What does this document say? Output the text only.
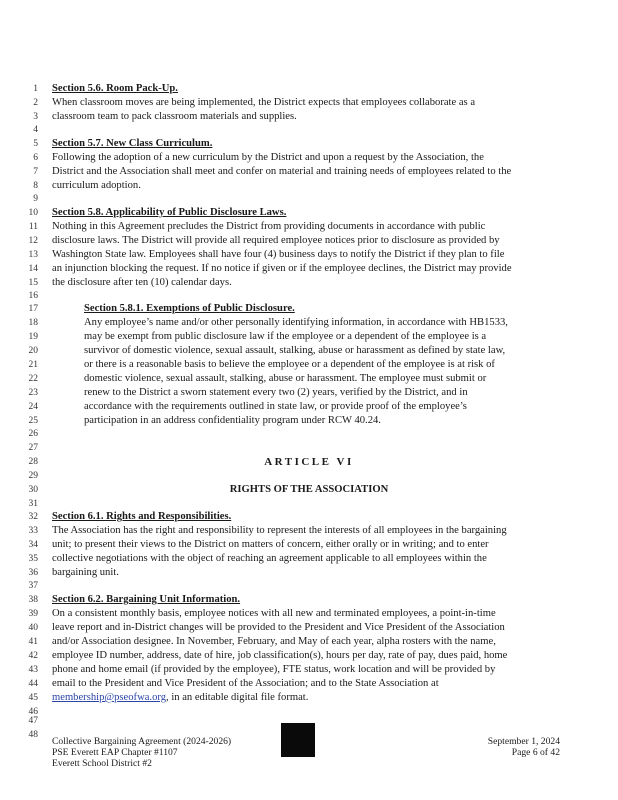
1
2
3
4
5
6
7
8
9
10
11
12
13
14
15
16
17
18
19
20
21
22
23
24
25
26
27
28
29
30
31
32
33
34
35
36
37
38
39
40
41
42
43
44
45
46
47
48
Section 5.6. Room Pack-Up.
When classroom moves are being implemented, the District expects that employees collaborate as a
classroom team to pack classroom materials and supplies.
Section 5.7. New Class Curriculum.
Following the adoption of a new curriculum by the District and upon a request by the Association, the
District and the Association shall meet and confer on material and training needs of employees related to the
curriculum adoption.
Section 5.8. Applicability of Public Disclosure Laws.
Nothing in this Agreement precludes the District from providing documents in accordance with public
disclosure laws. The District will provide all required employee notices prior to disclosure as provided by
Washington State law. Employees shall have four (4) business days to notify the District if they plan to file
an injunction blocking the request. If no notice if given or if the employee declines, the District may provide
the disclosure after ten (10) calendar days.
Section 5.8.1. Exemptions of Public Disclosure.
Any employee’s name and/or other personally identifying information, in accordance with HB1533,
may be exempt from public disclosure law if the employee or a dependent of the employee is a
survivor of domestic violence, sexual assault, stalking, abuse or harassment as defined by state law,
or there is a reasonable basis to believe the employee or a dependent of the employee is at risk of
domestic violence, sexual assault, stalking, abuse or harassment. The employee must submit or
renew to the District a sworn statement every two (2) years, verified by the District, and in
accordance with the requirements outlined in state law, or provide proof of the employee’s
participation in an address confidentiality program under RCW 40.24.
ARTICLE VI
RIGHTS OF THE ASSOCIATION
Section 6.1. Rights and Responsibilities.
The Association has the right and responsibility to represent the interests of all employees in the bargaining
unit; to present their views to the District on matters of concern, either orally or in writing; and to enter
collective negotiations with the object of reaching an agreement applicable to all employees within the
bargaining unit.
Section 6.2. Bargaining Unit Information.
On a consistent monthly basis, employee notices with all new and terminated employees, a point-in-time
leave report and in-District changes will be provided to the President and Vice President of the Association
and/or Association designee. In November, February, and May of each year, alpha rosters with the name,
employee ID number, address, date of hire, job classification(s), hours per day, rate of pay, dues paid, home
phone and home email (if provided by the employee), FTE status, work location and will be provided by
email to the President and Vice President of the Association; and to the State Association at
membership@pseofwa.org, in an editable digital file format.
Collective Bargaining Agreement (2024-2026)
PSE Everett EAP Chapter #1107
Everett School District #2
September 1, 2024
Page 6 of 42
